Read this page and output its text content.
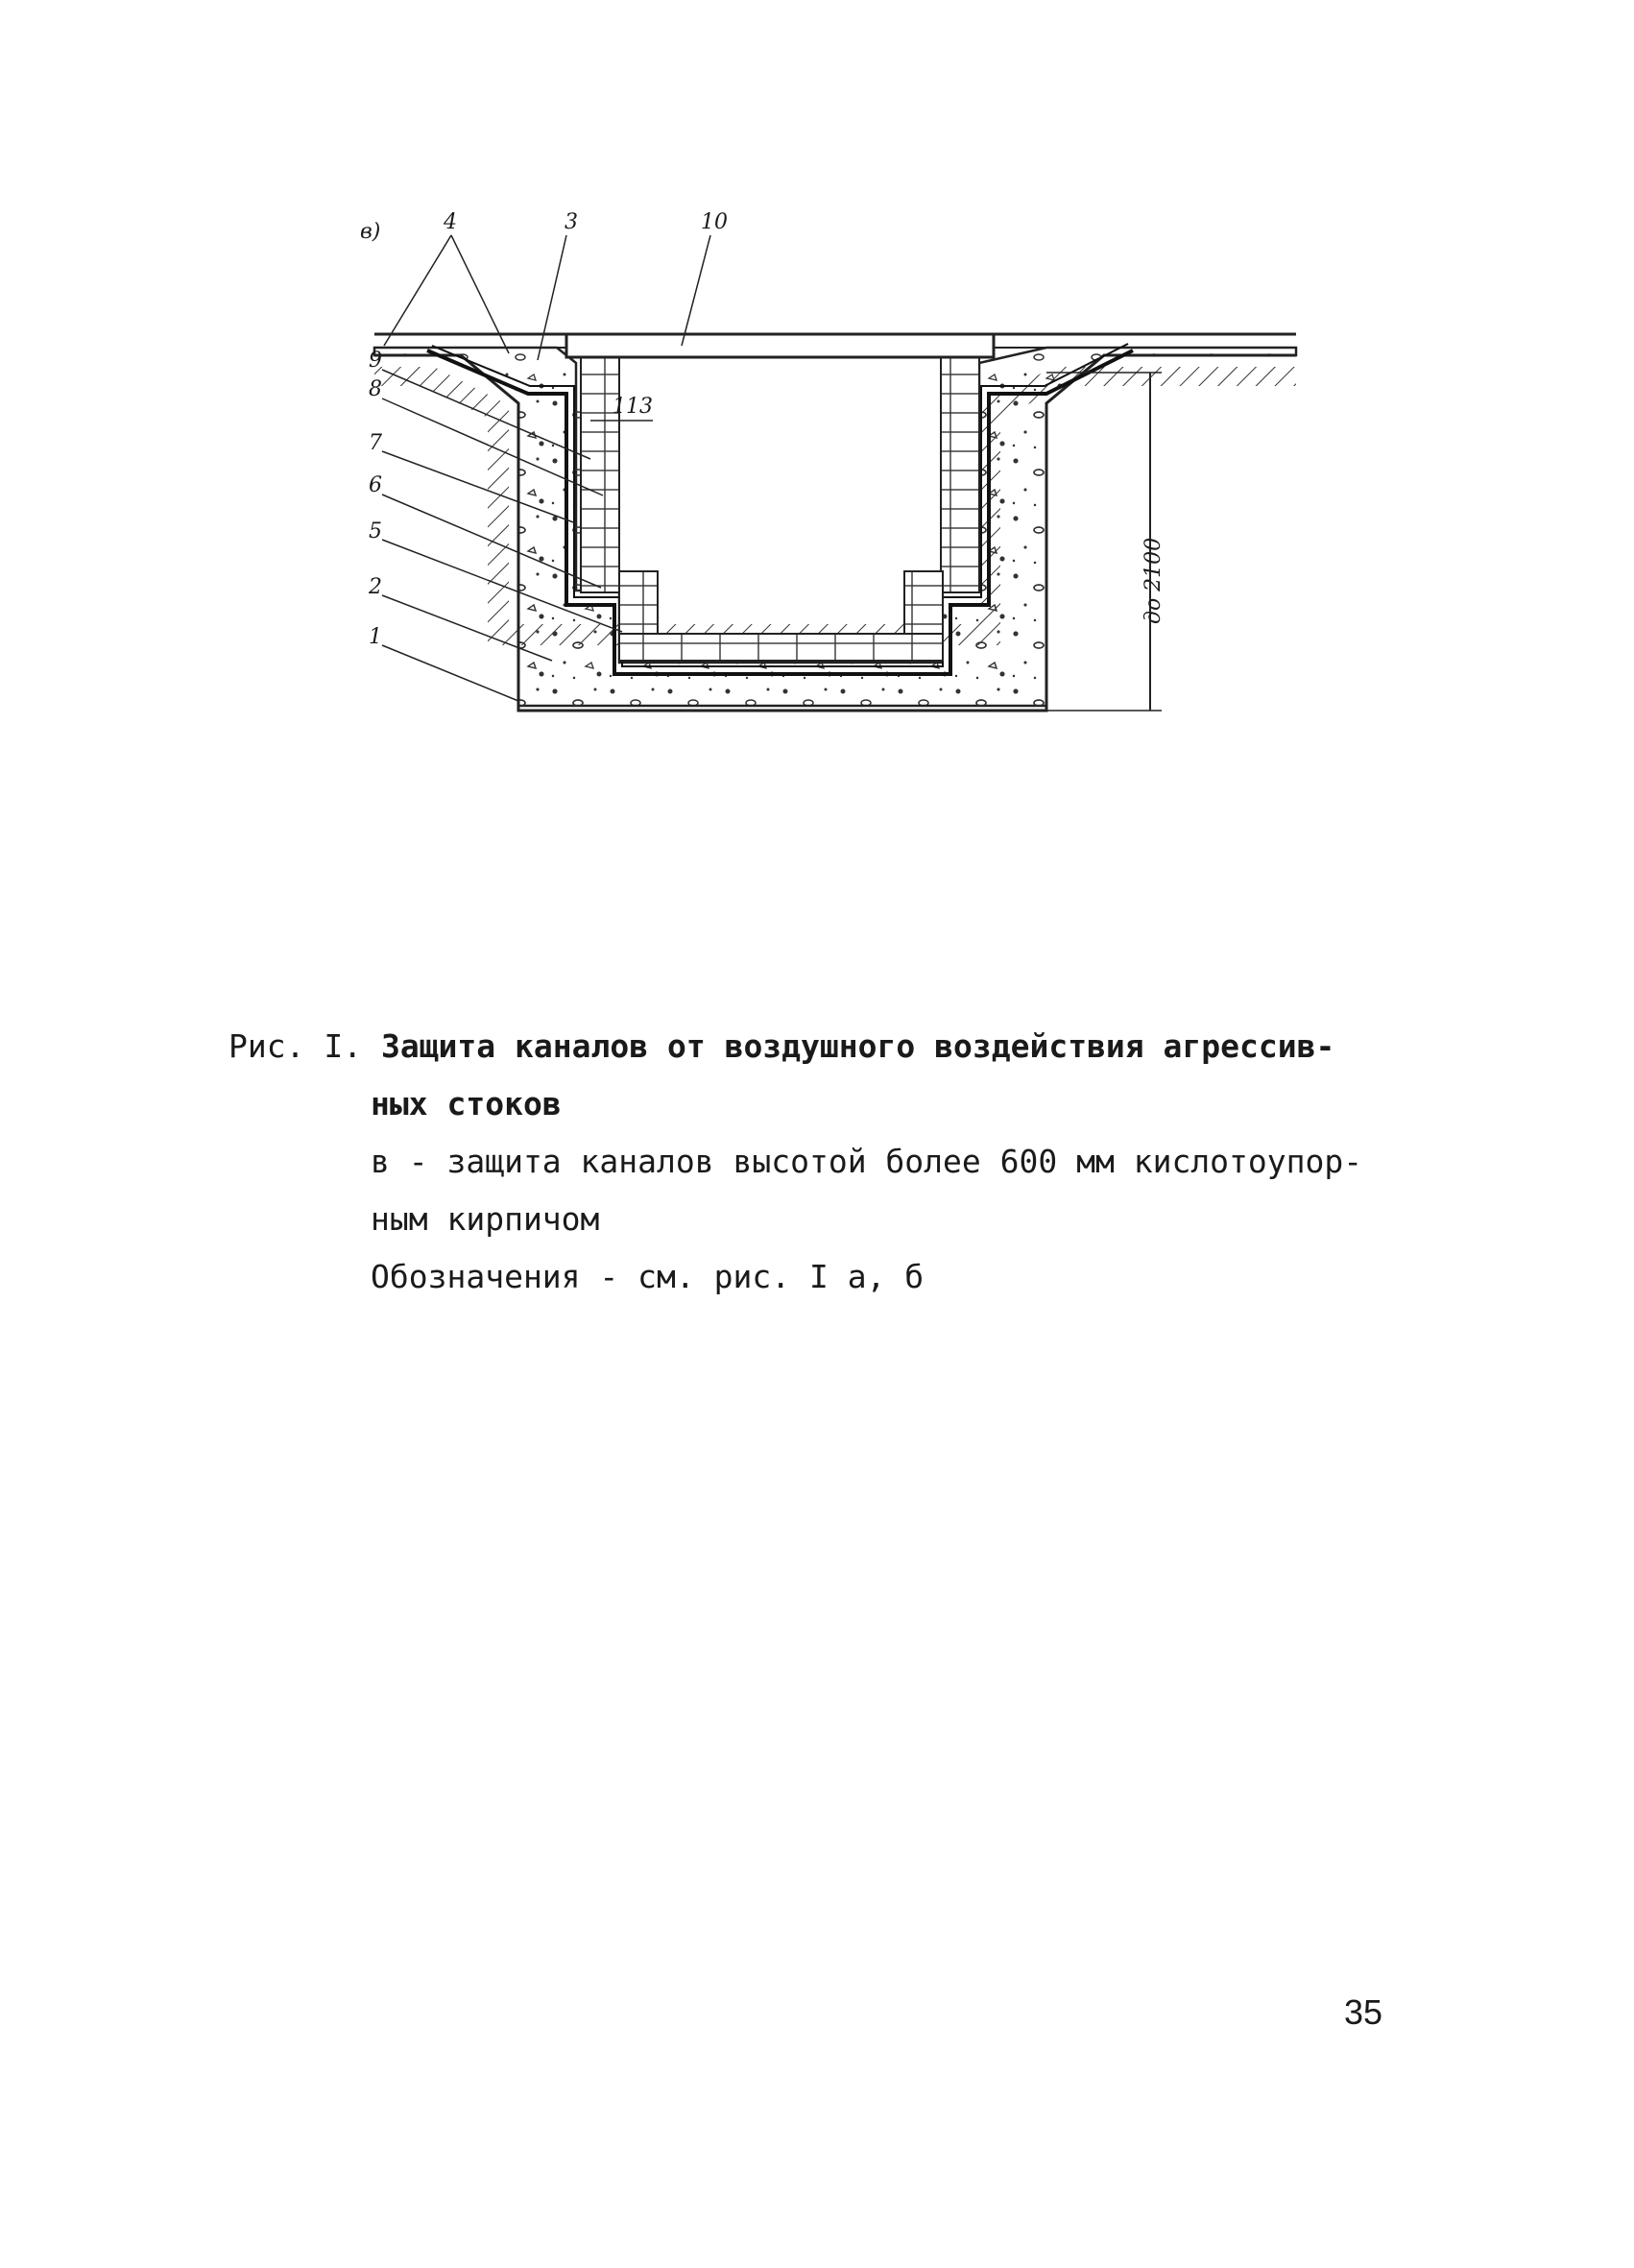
до 2100
113
в)	4	3	10
9
8
7
6
5
2
1
Рис. I. Защита каналов от воздушного воздействия агрессив-
ных стоков
в - защита каналов высотой более 600 мм кислотоупор-
ным кирпичом
Обозначения - см. рис. I а, б
35
